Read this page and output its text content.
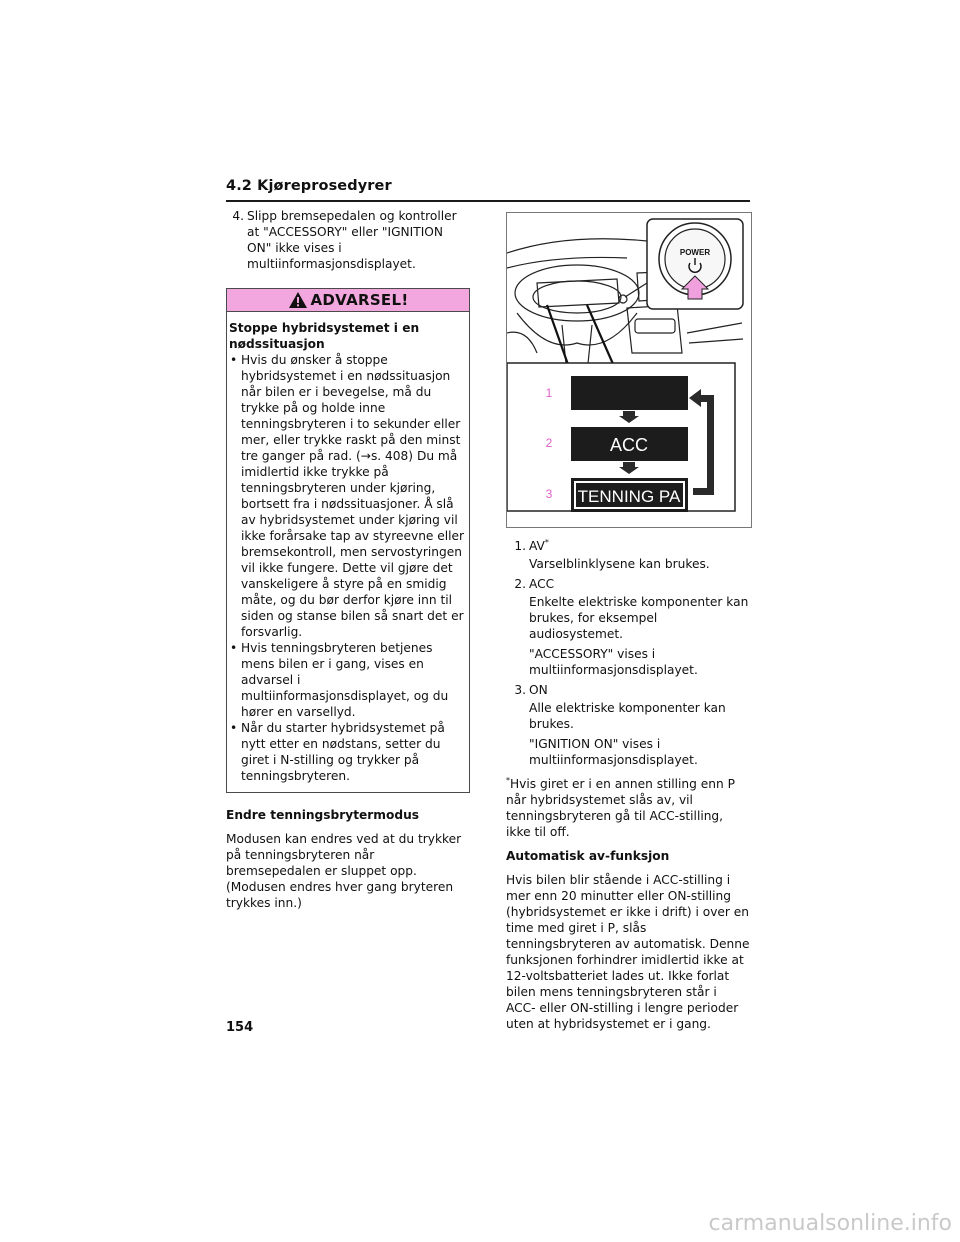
4.2 Kjøreprosedyrer
4. Slipp bremsepedalen og kontroller at "ACCESSORY" eller "IGNITION ON" ikke vises i multiinformasjonsdisplayet.
ADVARSEL!
Stoppe hybridsystemet i en nødssituasjon
• Hvis du ønsker å stoppe hybridsystemet i en nødssituasjon når bilen er i bevegelse, må du trykke på og holde inne tenningsbryteren i to sekunder eller mer, eller trykke raskt på den minst tre ganger på rad. (→s. 408) Du må imidlertid ikke trykke på tenningsbryteren under kjøring, bortsett fra i nødssituasjoner. Å slå av hybridsystemet under kjøring vil ikke forårsake tap av styreevne eller bremsekontroll, men servostyringen vil ikke fungere. Dette vil gjøre det vanskeligere å styre på en smidig måte, og du bør derfor kjøre inn til siden og stanse bilen så snart det er forsvarlig.
• Hvis tenningsbryteren betjenes mens bilen er i gang, vises en advarsel i multiinformasjonsdisplayet, og du hører en varsellyd.
• Når du starter hybridsystemet på nytt etter en nødstans, setter du giret i N-stilling og trykker på tenningsbryteren.
Endre tenningsbrytermodus
Modusen kan endres ved at du trykker på tenningsbryteren når bremsepedalen er sluppet opp. (Modusen endres hver gang bryteren trykkes inn.)
POWER
1
2	ACC
3 TENNING PA
1. AV*
Varselblinklysene kan brukes.
2. ACC
Enkelte elektriske komponenter kan brukes, for eksempel audiosystemet.
"ACCESSORY" vises i multiinformasjonsdisplayet.
3. ON
Alle elektriske komponenter kan brukes.
"IGNITION ON" vises i multiinformasjonsdisplayet.
*Hvis giret er i en annen stilling enn P når hybridsystemet slås av, vil tenningsbryteren gå til ACC-stilling, ikke til off.
Automatisk av-funksjon
Hvis bilen blir stående i ACC-stilling i mer enn 20 minutter eller ON-stilling (hybridsystemet er ikke i drift) i over en time med giret i P, slås tenningsbryteren av automatisk. Denne funksjonen forhindrer imidlertid ikke at 12-voltsbatteriet lades ut. Ikke forlat bilen mens tenningsbryteren står i ACC- eller ON-stilling i lengre perioder uten at hybridsystemet er i gang.
154
carmanualsonline.info
